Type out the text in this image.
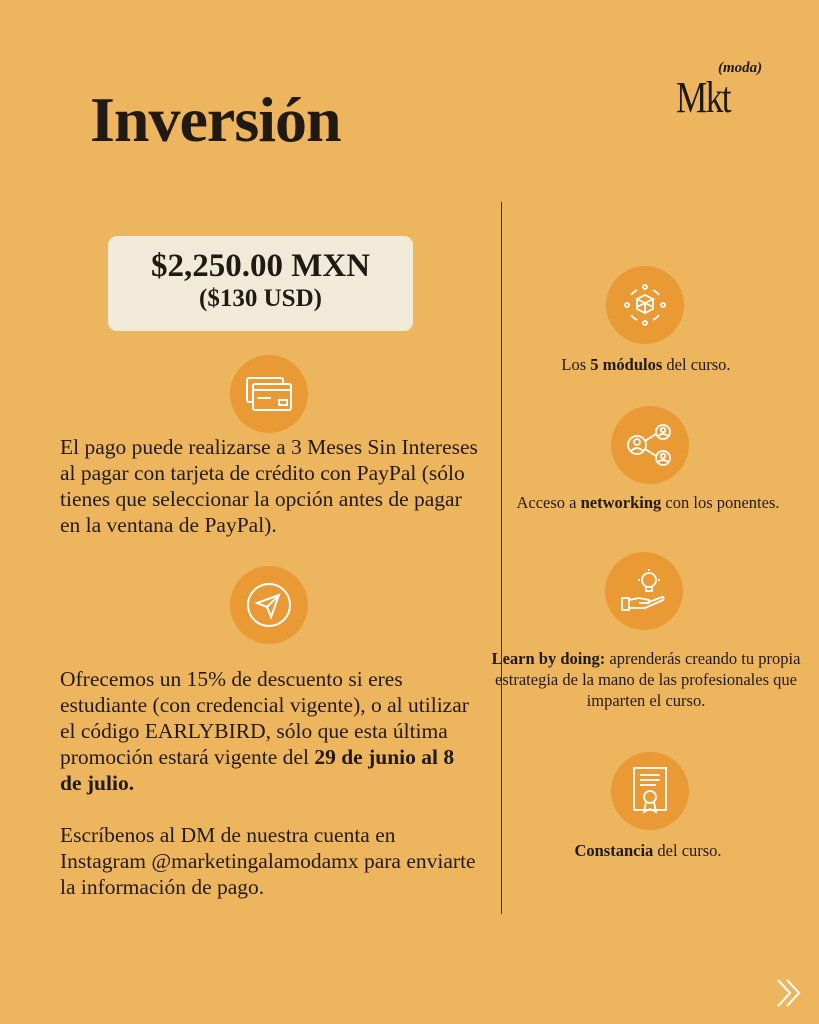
Inversión	Mkt
(moda)
$2,250.00 MXN
($130 USD)
El pago puede realizarse a 3 Meses Sin Intereses al pagar con tarjeta de crédito con PayPal (sólo tienes que seleccionar la opción antes de pagar en la ventana de PayPal).
Ofrecemos un 15% de descuento si eres estudiante (con credencial vigente), o al utilizar el código EARLYBIRD, sólo que esta última promoción estará vigente del 29 de junio al 8 de julio.
Escríbenos al DM de nuestra cuenta en Instagram @marketingalamodamx para enviarte la información de pago.
Los 5 módulos del curso.
Acceso a networking con los ponentes.
Learn by doing: aprenderás creando tu propia estrategia de la mano de las profesionales que imparten el curso.
Constancia del curso.
